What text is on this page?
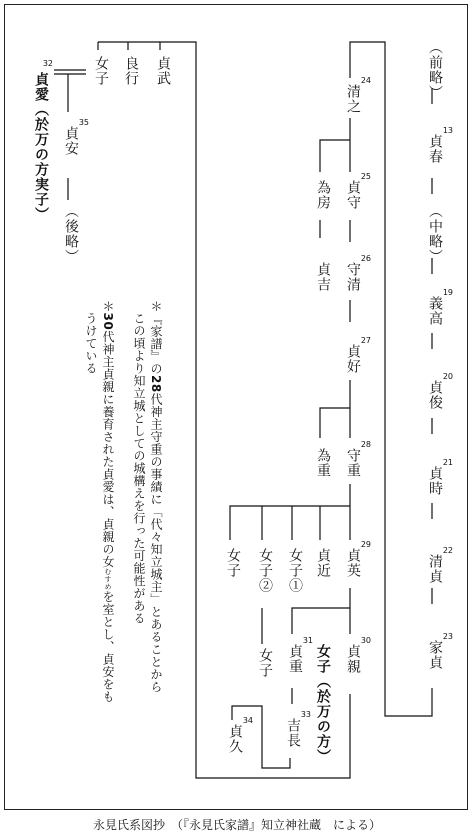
（前略）
13
貞春
（中略）
19
義高
20
貞俊
21
貞時
22
清貞
23
家貞
24
清之
25
貞守
為房
26
守清
貞吉
27
貞好
28
守重
為重
29
貞英
貞近
女子①
女子②
女子
30
貞親
女子（於万の方）
31
貞重
女子
33
吉長
34
貞久
貞武
良行
女子
32
貞愛（於万の方実子）	35
貞安
（後略）
＊『家譜』の28代神主守重の事績に「代々知立城主」とあることから
この頃より知立城としての城構えを行った可能性がある
＊30代神主貞親に養育された貞愛は、貞親の女むすめを室とし、貞安をも
うけている
永見氏系図抄　（『永見氏家譜』知立神社蔵　による）
